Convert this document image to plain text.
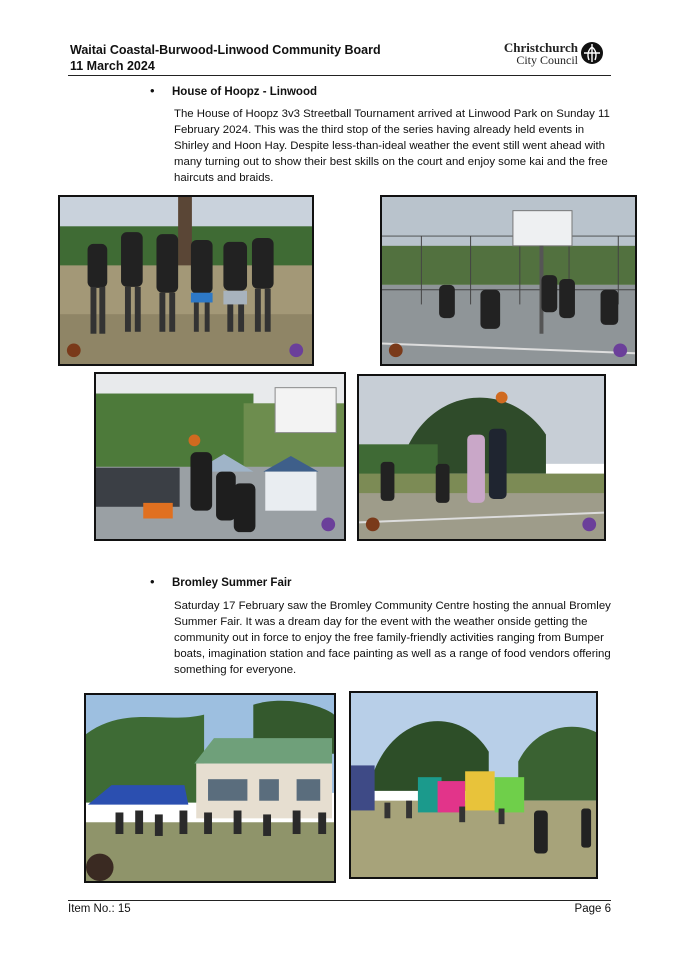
Waitai Coastal-Burwood-Linwood Community Board
11 March 2024
Christchurch
City Council
• House of Hoopz - Linwood
The House of Hoopz 3v3 Streetball Tournament arrived at Linwood Park on Sunday 11 February 2024. This was the third stop of the series having already held events in Shirley and Hoon Hay. Despite less-than-ideal weather the event still went ahead with many turning out to show their best skills on the court and enjoy some kai and the free haircuts and braids.
• Bromley Summer Fair
Saturday 17 February saw the Bromley Community Centre hosting the annual Bromley Summer Fair. It was a dream day for the event with the weather onside getting the community out in force to enjoy the free family-friendly activities ranging from Bumper boats, imagination station and face painting as well as a range of food vendors offering something for everyone.
Item No.: 15	Page 6
